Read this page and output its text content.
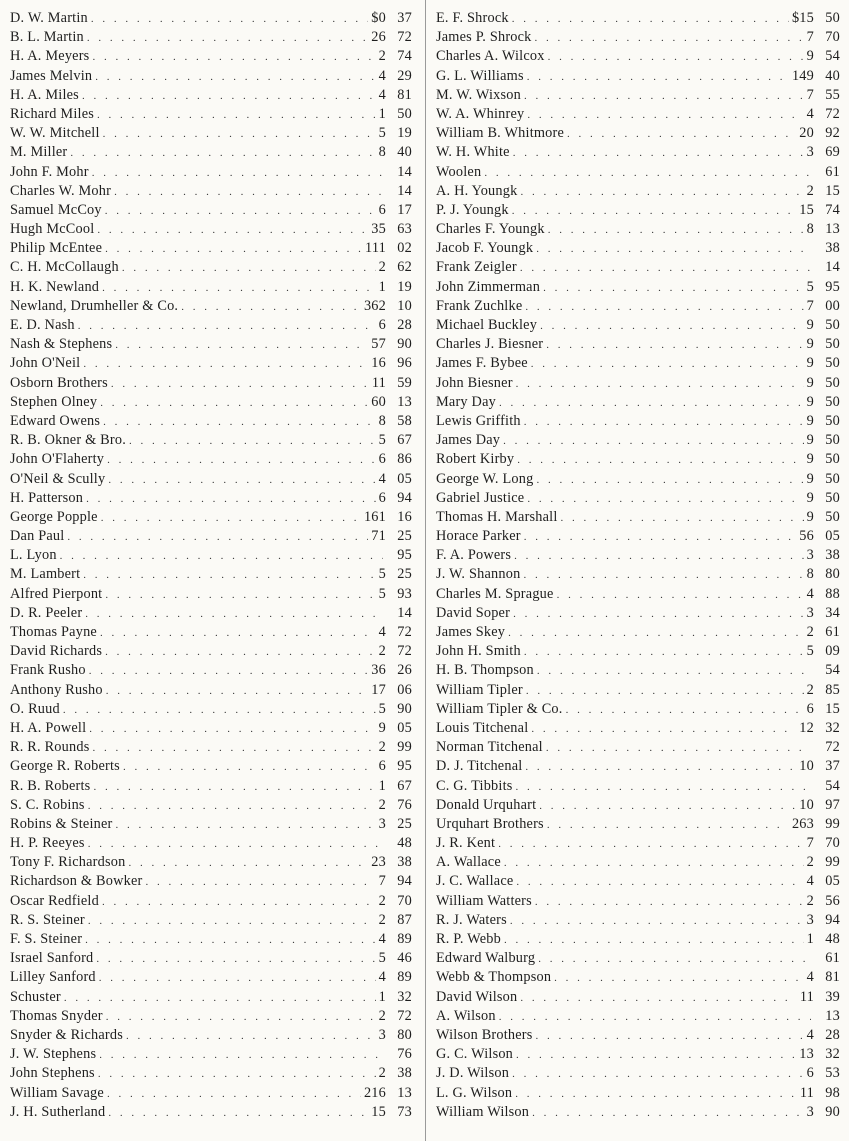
D. W. Martin . . .	$0 37
B. L. Martin . . .	26 72
H. A. Meyers . . .	2 74
James Melvin . . .	4 29
H. A. Miles . . .	4 81
Richard Miles . . .	1 50
W. W. Mitchell . . .	5 19
M. Miller . . .	8 40
John F. Mohr . . .	14
Charles W. Mohr . . .	14
Samuel McCoy . . .	6 17
Hugh McCool . . .	35 63
Philip McEntee . . .	111 02
C. H. McCollaugh . . .	2 62
H. K. Newland . . .	1 19
Newland, Drumheller & Co. . . .	362 10
E. D. Nash . . .	6 28
Nash & Stephens . . .	57 90
John O'Neil . . .	16 96
Osborn Brothers . . .	11 59
Stephen Olney . . .	60 13
Edward Owens . . .	8 58
R. B. Okner & Bro. . . .	5 67
John O'Flaherty . . .	6 86
O'Neil & Scully . . .	4 05
H. Patterson . . .	6 94
George Popple . . .	161 16
Dan Paul . . .	71 25
L. Lyon . . .	95
M. Lambert . . .	5 25
Alfred Pierpont . . .	5 93
D. R. Peeler . . .	14
Thomas Payne . . .	4 72
David Richards . . .	2 72
Frank Rusho . . .	36 26
Anthony Rusho . . .	17 06
O. Ruud . . .	5 90
H. A. Powell . . .	9 05
R. R. Rounds . . .	2 99
George R. Roberts . . .	6 95
R. B. Roberts . . .	1 67
S. C. Robins . . .	2 76
Robins & Steiner . . .	3 25
H. P. Reeyes . . .	48
Tony F. Richardson . . .	23 38
Richardson & Bowker . . .	7 94
Oscar Redfield . . .	2 70
R. S. Steiner . . .	2 87
F. S. Steiner . . .	4 89
Israel Sanford . . .	5 46
Lilley Sanford . . .	4 89
Schuster . . .	1 32
Thomas Snyder . . .	2 72
Snyder & Richards . . .	3 80
J. W. Stephens . . .	76
John Stephens . . .	2 38
William Savage . . .	216 13
J. H. Sutherland . . .	15 73
E. F. Shrock . . .	$15 50
James P. Shrock . . .	7 70
Charles A. Wilcox . . .	9 54
G. L. Williams . . .	149 40
M. W. Wixson . . .	7 55
W. A. Whinrey . . .	4 72
William B. Whitmore . . .	20 92
W. H. White . . .	3 69
Woolen . . .	61
A. H. Youngk . . .	2 15
P. J. Youngk . . .	15 74
Charles F. Youngk . . .	8 13
Jacob F. Youngk . . .	38
Frank Zeigler . . .	14
John Zimmerman . . .	5 95
Frank Zuchlke . . .	7 00
Michael Buckley . . .	9 50
Charles J. Biesner . . .	9 50
James F. Bybee . . .	9 50
John Biesner . . .	9 50
Mary Day . . .	9 50
Lewis Griffith . . .	9 50
James Day . . .	9 50
Robert Kirby . . .	9 50
George W. Long . . .	9 50
Gabriel Justice . . .	9 50
Thomas H. Marshall . . .	9 50
Horace Parker . . .	56 05
F. A. Powers . . .	3 38
J. W. Shannon . . .	8 80
Charles M. Sprague . . .	4 88
David Soper . . .	3 34
James Skey . . .	2 61
John H. Smith . . .	5 09
H. B. Thompson . . .	54
William Tipler . . .	2 85
William Tipler & Co. . . .	6 15
Louis Titchenal . . .	12 32
Norman Titchenal . . .	72
D. J. Titchenal . . .	10 37
C. G. Tibbits . . .	54
Donald Urquhart . . .	10 97
Urquhart Brothers . . .	263 99
J. R. Kent . . .	7 70
A. Wallace . . .	2 99
J. C. Wallace . . .	4 05
William Watters . . .	2 56
R. J. Waters . . .	3 94
R. P. Webb . . .	1 48
Edward Walburg . . .	61
Webb & Thompson . . .	4 81
David Wilson . . .	11 39
A. Wilson . . .	13
Wilson Brothers . . .	4 28
G. C. Wilson . . .	13 32
J. D. Wilson . . .	6 53
L. G. Wilson . . .	11 98
William Wilson . . .	3 90
